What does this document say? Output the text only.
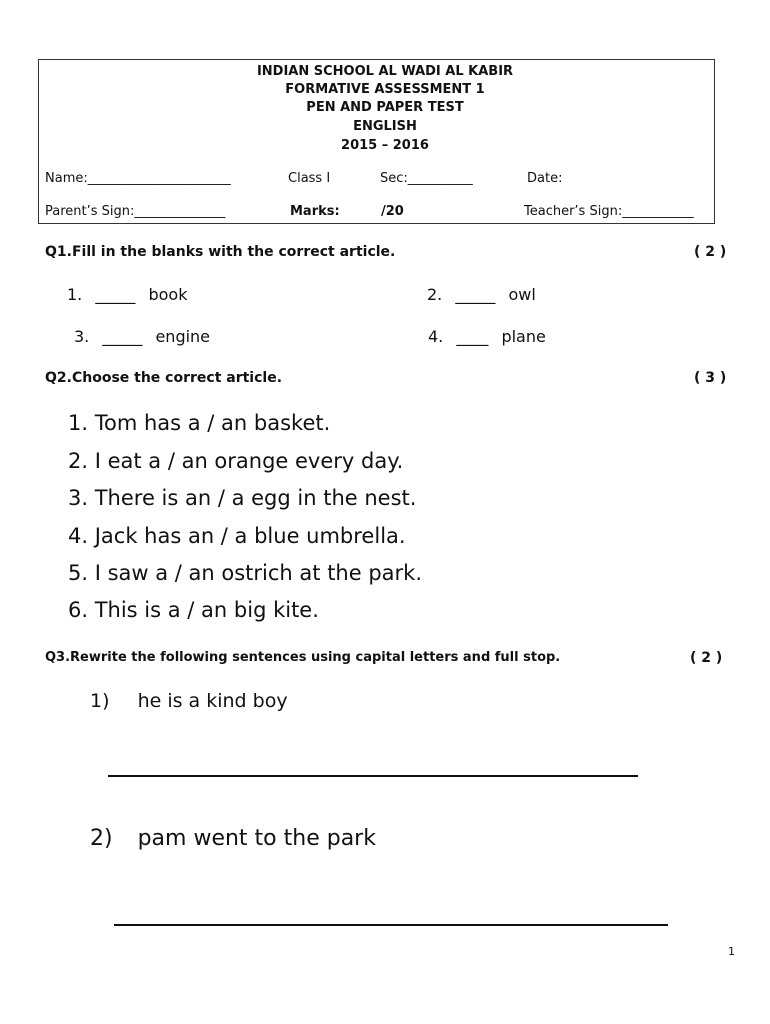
INDIAN SCHOOL AL WADI AL KABIR
FORMATIVE ASSESSMENT 1
PEN AND PAPER TEST
ENGLISH
2015 – 2016
Name:______________________	Class I	Sec:__________	Date:
Parent’s Sign:______________	Marks:	/20	Teacher’s Sign:___________
Q1.Fill in the blanks with the correct article.	( 2 )
1. _____ book	2. _____ owl
3. _____ engine	4. ____ plane
Q2.Choose the correct article.	( 3 )
1. Tom has a / an basket.
2. I eat a / an orange every day.
3. There is an / a egg in the nest.
4. Jack has an / a blue umbrella.
5. I saw a / an ostrich at the park.
6. This is a / an big kite.
Q3.Rewrite the following sentences using capital letters and full stop.	( 2 )
1) he is a kind boy
2) pam went to the park
1
